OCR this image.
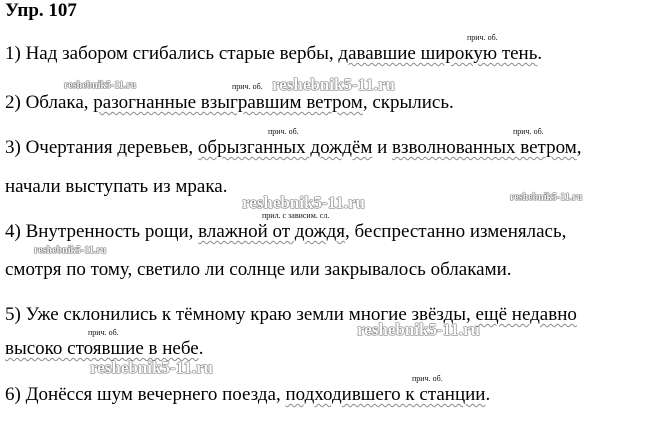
Упр. 107
прич. об.
1) Над забором сгибались старые вербы, дававшие широкую тень.
reshebnik5-11.ru	прич. об. reshebnik5-11.ru
2) Облака, разогнанные взыгравшим ветром, скрылись.
прич. об.	прич. об.
3) Очертания деревьев, обрызганных дождём и взволнованных ветром,
начали выступать из мрака.
reshebnik5-11.ru	reshebnik5-11.ru
прил. с зависим. сл.
4) Внутренность рощи, влажной от дождя, беспрестанно изменялась,
reshebnik5-11.ru
смотря по тому, светило ли солнце или закрывалось облаками.
5) Уже склонились к тёмному краю земли многие звёзды, ещё недавно
прич. об.	reshebnik5-11.ru
высоко стоявшие в небе.
reshebnik5-11.ru
прич. об.
6) Донёсся шум вечернего поезда, подходившего к станции.
